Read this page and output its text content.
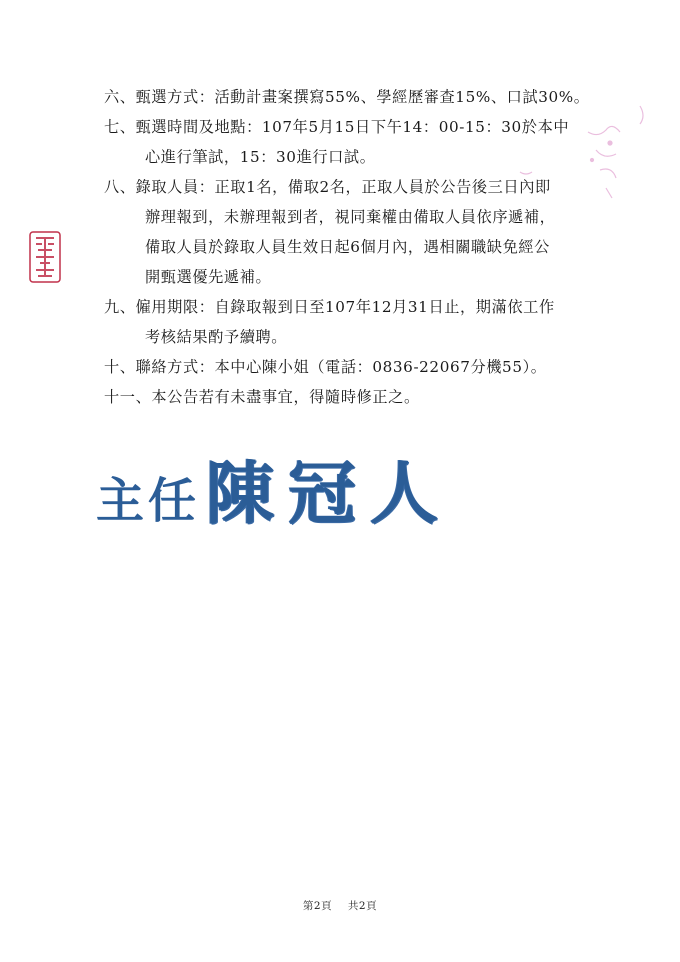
六、甄選方式：活動計畫案撰寫55%、學經歷審查15%、口試30%。
七、甄選時間及地點：107年5月15日下午14：00-15：30於本中
心進行筆試，15：30進行口試。
八、錄取人員：正取1名，備取2名，正取人員於公告後三日內即
辦理報到，未辦理報到者，視同棄權由備取人員依序遞補，
備取人員於錄取人員生效日起6個月內，遇相關職缺免經公
開甄選優先遞補。
九、僱用期限：自錄取報到日至107年12月31日止，期滿依工作
考核結果酌予續聘。
十、聯絡方式：本中心陳小姐（電話：0836-22067分機55）。
十一、本公告若有未盡事宜，得隨時修正之。
主任陳冠人
第2頁 共2頁
